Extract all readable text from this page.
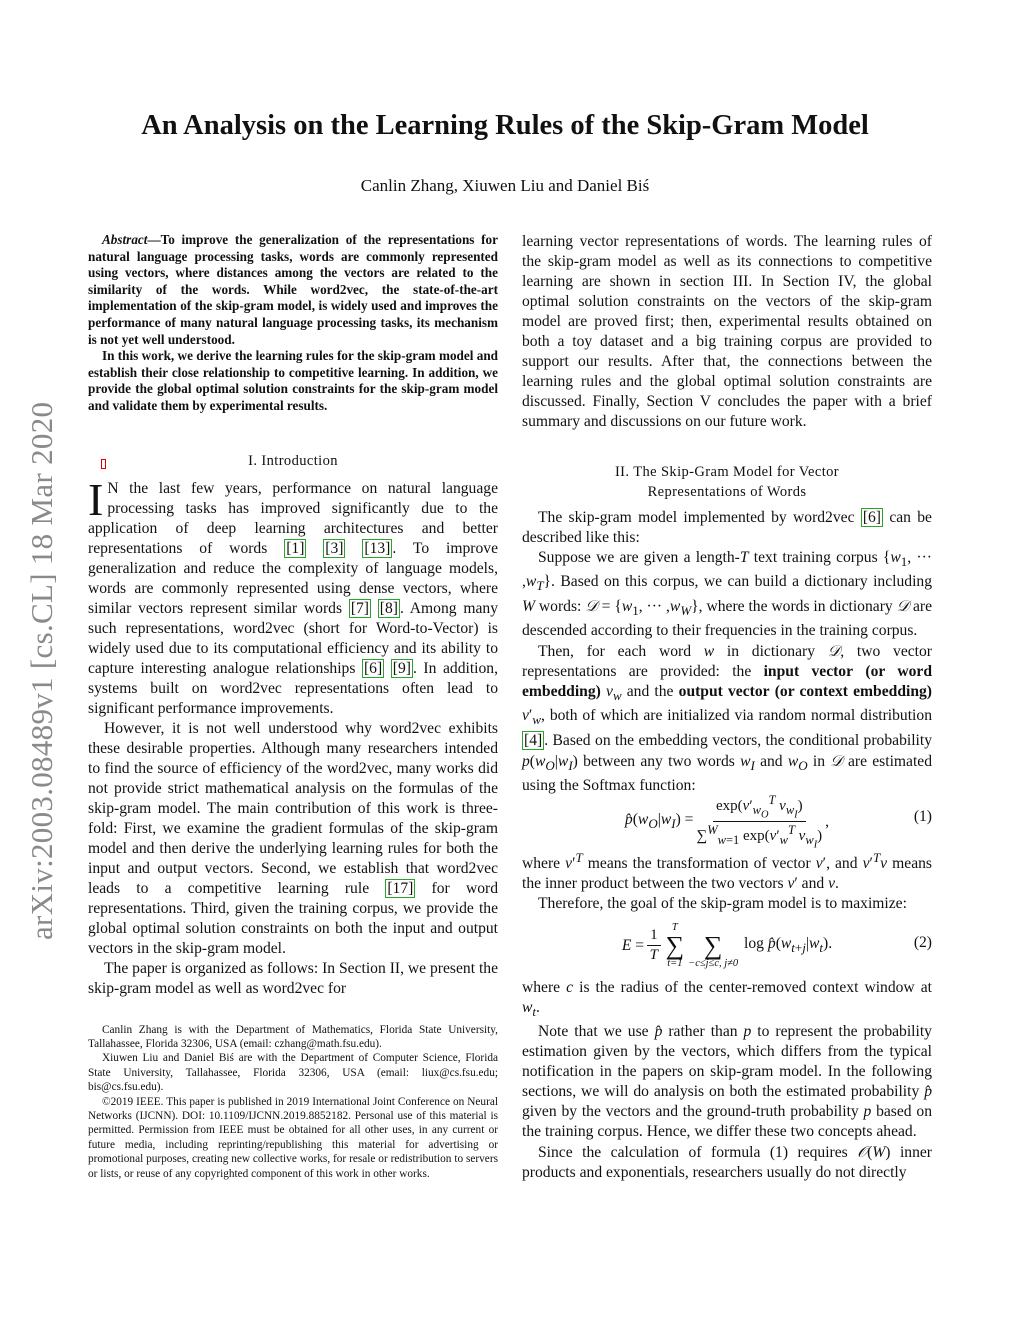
arXiv:2003.08489v1 [cs.CL] 18 Mar 2020
An Analysis on the Learning Rules of the Skip-Gram Model
Canlin Zhang, Xiuwen Liu and Daniel Biś

Abstract—To improve the generalization of the representations for natural language processing tasks, words are commonly represented using vectors, where distances among the vectors are related to the similarity of the words. While word2vec, the state-of-the-art implementation of the skip-gram model, is widely used and improves the performance of many natural language processing tasks, its mechanism is not yet well understood.

In this work, we derive the learning rules for the skip-gram model and establish their close relationship to competitive learning. In addition, we provide the global optimal solution constraints for the skip-gram model and validate them by experimental results.

I. Introduction

I N the last few years, performance on natural language processing tasks has improved significantly due to the application of deep learning architectures and better representations of words [1] [3] [13] . To improve generalization and reduce the complexity of language models, words are commonly represented using dense vectors, where similar vectors represent similar words [7] [8] . Among many such representations, word2vec (short for Word-to-Vector) is widely used due to its computational efficiency and its ability to capture interesting analogue relationships [6] [9] . In addition, systems built on word2vec representations often lead to significant performance improvements.

However, it is not well understood why word2vec exhibits these desirable properties. Although many researchers intended to find the source of efficiency of the word2vec, many works did not provide strict mathematical analysis on the formulas of the skip-gram model. The main contribution of this work is three-fold: First, we examine the gradient formulas of the skip-gram model and then derive the underlying learning rules for both the input and output vectors. Second, we establish that word2vec leads to a competitive learning rule [17] for word representations. Third, given the training corpus, we provide the global optimal solution constraints on both the input and output vectors in the skip-gram model.

The paper is organized as follows: In Section II, we present the skip-gram model as well as word2vec for

Canlin Zhang is with the Department of Mathematics, Florida State University, Tallahassee, Florida 32306, USA (email: czhang@math.fsu.edu).

Xiuwen Liu and Daniel Biś are with the Department of Computer Science, Florida State University, Tallahassee, Florida 32306, USA (email: liux@cs.fsu.edu; bis@cs.fsu.edu).

©2019 IEEE. This paper is published in 2019 International Joint Conference on Neural Networks (IJCNN). DOI: 10.1109/IJCNN.2019.8852182. Personal use of this material is permitted. Permission from IEEE must be obtained for all other uses, in any current or future media, including reprinting/republishing this material for advertising or promotional purposes, creating new collective works, for resale or redistribution to servers or lists, or reuse of any copyrighted component of this work in other works.

learning vector representations of words. The learning rules of the skip-gram model as well as its connections to competitive learning are shown in section III. In Section IV, the global optimal solution constraints on the vectors of the skip-gram model are proved first; then, experimental results obtained on both a toy dataset and a big training corpus are provided to support our results. After that, the connections between the learning rules and the global optimal solution constraints are discussed. Finally, Section V concludes the paper with a brief summary and discussions on our future work.

II. The Skip-Gram Model for Vector
Representations of Words

The skip-gram model implemented by word2vec [6] can be described like this:

Suppose we are given a length-T text training corpus {$w_1$, ··· $,w_T$}. Based on this corpus, we can build a dictionary including W words: 𝒟 = {$w_1$, ··· $,w_W$}, where the words in dictionary 𝒟 are descended according to their frequencies in the training corpus.

Then, for each word w in dictionary 𝒟, two vector representations are provided: the input vector (or word embedding) $v_w$ and the output vector (or context embedding) $v'_w$, both of which are initialized via random normal distribution [4] . Based on the embedding vectors, the conditional probability $p(w_O|w_I)$ between any two words $w_I$ and $w_O$ in 𝒟 are estimated using the Softmax function:

$p̂(w_O|w_I) = \frac{\exp(v'_{w_O}^T v_{w_I})}{\sum^W_{w=1} \exp(v'_w^T v_{w_I})}$ ,	(1)

where $v'^T$ means the transformation of vector v′, and $v'^Tv$ means the inner product between the two vectors v′ and v.

Therefore, the goal of the skip-gram model is to maximize:

$E = \frac{1}{T}$ T
∑
t=1

∑
−c≤j≤c, j≠0
$\log p̂(w_{t+j}|w_t)$.	(2)

where c is the radius of the center-removed context window at $w_t$.

Note that we use p̂ rather than p to represent the probability estimation given by the vectors, which differs from the typical notification in the papers on skip-gram model. In the following sections, we will do analysis on both the estimated probability p̂ given by the vectors and the ground-truth probability p based on the training corpus. Hence, we differ these two concepts ahead.

Since the calculation of formula (1) requires 𝒪(W) inner products and exponentials, researchers usually do not directly
